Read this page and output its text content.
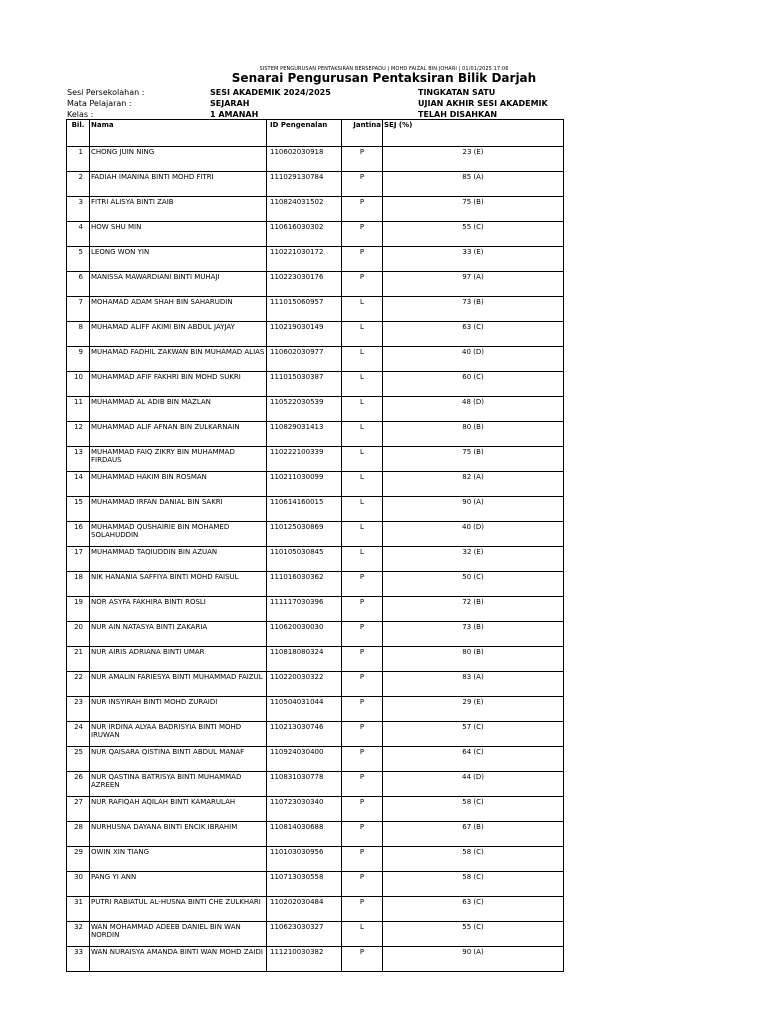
SISTEM PENGURUSAN PENTAKSIRAN BERSEPADU | MOHD FAIZAL BIN JOHARI | 01/01/2025 17:06
Senarai Pengurusan Pentaksiran Bilik Darjah
Sesi Persekolahan :	SESI AKADEMIK 2024/2025	TINGKATAN SATU
Mata Pelajaran :	SEJARAH	UJIAN AKHIR SESI AKADEMIK
Kelas :	1 AMANAH	TELAH DISAHKAN
Bil.	Nama	ID Pengenalan	Jantina	SEJ (%)
1	CHONG JUIN NING	110602030918	P	23 (E)
2	FADIAH IMANINA BINTI MOHD FITRI	111029130784	P	85 (A)
3	FITRI ALISYA BINTI ZAIB	110824031502	P	75 (B)
4	HOW SHU MIN	110616030302	P	55 (C)
5	LEONG WON YIN	110221030172	P	33 (E)
6	MANISSA MAWARDIANI BINTI MUHAJI	110223030176	P	97 (A)
7	MOHAMAD ADAM SHAH BIN SAHARUDIN	111015060957	L	73 (B)
8	MUHAMAD ALIFF AKIMI BIN ABDUL JAYJAY	110219030149	L	63 (C)
9	MUHAMAD FADHIL ZAKWAN BIN MUHAMAD ALIAS	110602030977	L	40 (D)
10	MUHAMMAD AFIF FAKHRI BIN MOHD SUKRI	111015030387	L	60 (C)
11	MUHAMMAD AL ADIB BIN MAZLAN	110522030539	L	48 (D)
12	MUHAMMAD ALIF AFNAN BIN ZULKARNAIN	110829031413	L	80 (B)
13	MUHAMMAD FAIQ ZIKRY BIN MUHAMMAD FIRDAUS	110222100339	L	75 (B)
14	MUHAMMAD HAKIM BIN ROSMAN	110211030099	L	82 (A)
15	MUHAMMAD IRFAN DANIAL BIN SAKRI	110614160015	L	90 (A)
16	MUHAMMAD QUSHAIRIE BIN MOHAMED SOLAHUDDIN	110125030869	L	40 (D)
17	MUHAMMAD TAQIUDDIN BIN AZUAN	110105030845	L	32 (E)
18	NIK HANANIA SAFFIYA BINTI MOHD FAISUL	111016030362	P	50 (C)
19	NOR ASYFA FAKHIRA BINTI ROSLI	111117030396	P	72 (B)
20	NUR AIN NATASYA BINTI ZAKARIA	110620030030	P	73 (B)
21	NUR AIRIS ADRIANA BINTI UMAR	110818080324	P	80 (B)
22	NUR AMALIN FARIESYA BINTI MUHAMMAD FAIZUL	110220030322	P	83 (A)
23	NUR INSYIRAH BINTI MOHD ZURAIDI	110504031044	P	29 (E)
24	NUR IRDINA ALYAA BADRISYIA BINTI MOHD IRUWAN	110213030746	P	57 (C)
25	NUR QAISARA QISTINA BINTI ABDUL MANAF	110924030400	P	64 (C)
26	NUR QASTINA BATRISYA BINTI MUHAMMAD AZREEN	110831030778	P	44 (D)
27	NUR RAFIQAH AQILAH BINTI KAMARULAH	110723030340	P	58 (C)
28	NURHUSNA DAYANA BINTI ENCIK IBRAHIM	110814030688	P	67 (B)
29	OWIN XIN TIANG	110103030956	P	58 (C)
30	PANG YI ANN	110713030558	P	58 (C)
31	PUTRI RABIATUL AL-HUSNA BINTI CHE ZULKHARI	110202030484	P	63 (C)
32	WAN MOHAMMAD ADEEB DANIEL BIN WAN NORDIN	110623030327	L	55 (C)
33	WAN NURAISYA AMANDA BINTI WAN MOHD ZAIDI	111210030382	P	90 (A)
